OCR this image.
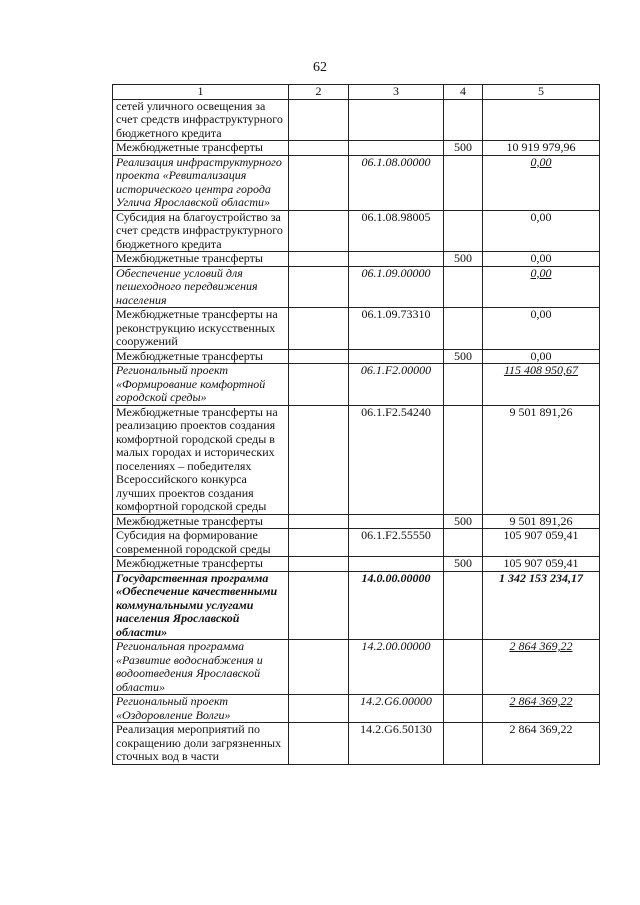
62
1	2	3	4	5
сетей уличного освещения за счет средств инфраструктурного бюджетного кредита				
Межбюджетные трансферты			500	10 919 979,96
Реализация инфраструктурного проекта «Ревитализация исторического центра города Углича Ярославской области»		06.1.08.00000		0,00
Субсидия на благоустройство за счет средств инфраструктурного бюджетного кредита		06.1.08.98005		0,00
Межбюджетные трансферты			500	0,00
Обеспечение условий для пешеходного передвижения населения		06.1.09.00000		0,00
Межбюджетные трансферты на реконструкцию искусственных сооружений		06.1.09.73310		0,00
Межбюджетные трансферты			500	0,00
Региональный проект «Формирование комфортной городской среды»		06.1.F2.00000		115 408 950,67
Межбюджетные трансферты на реализацию проектов создания комфортной городской среды в малых городах и исторических поселениях – победителях Всероссийского конкурса лучших проектов создания комфортной городской среды		06.1.F2.54240		9 501 891,26
Межбюджетные трансферты			500	9 501 891,26
Субсидия на формирование современной городской среды		06.1.F2.55550		105 907 059,41
Межбюджетные трансферты			500	105 907 059,41
Государственная программа «Обеспечение качественными коммунальными услугами населения Ярославской области»		14.0.00.00000		1 342 153 234,17
Региональная программа «Развитие водоснабжения и водоотведения Ярославской области»		14.2.00.00000		2 864 369,22
Региональный проект «Оздоровление Волги»		14.2.G6.00000		2 864 369,22
Реализация мероприятий по сокращению доли загрязненных сточных вод в части		14.2.G6.50130		2 864 369,22
